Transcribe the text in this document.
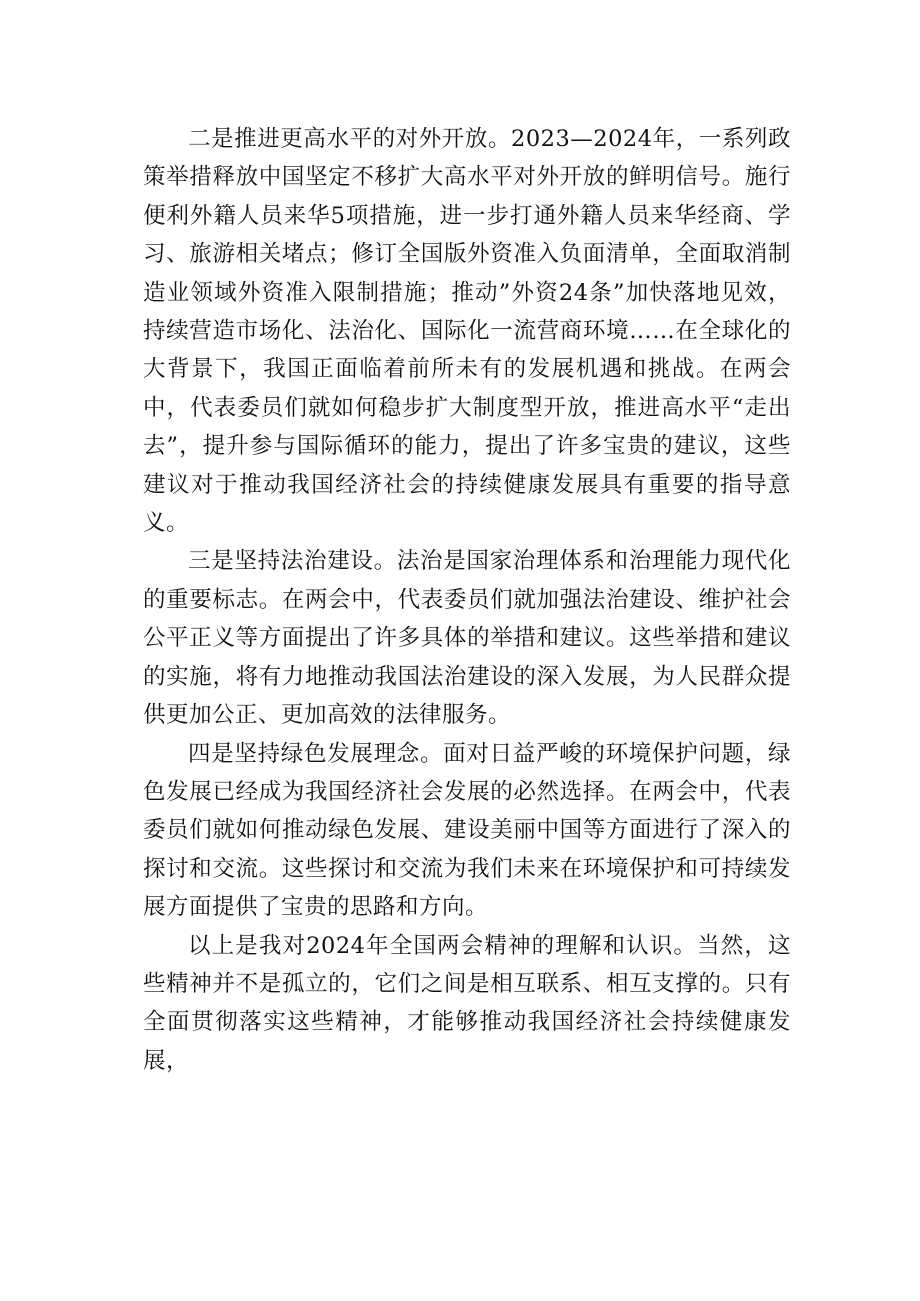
二是推进更高水平的对外开放。2023—2024年，一系列政策举措释放中国坚定不移扩大高水平对外开放的鲜明信号。施行便利外籍人员来华5项措施，进一步打通外籍人员来华经商、学习、旅游相关堵点；修订全国版外资准入负面清单，全面取消制造业领域外资准入限制措施；推动”外资24条”加快落地见效，持续营造市场化、法治化、国际化一流营商环境……在全球化的大背景下，我国正面临着前所未有的发展机遇和挑战。在两会中，代表委员们就如何稳步扩大制度型开放，推进高水平“走出去”，提升参与国际循环的能力，提出了许多宝贵的建议，这些建议对于推动我国经济社会的持续健康发展具有重要的指导意义。

三是坚持法治建设。法治是国家治理体系和治理能力现代化的重要标志。在两会中，代表委员们就加强法治建设、维护社会公平正义等方面提出了许多具体的举措和建议。这些举措和建议的实施，将有力地推动我国法治建设的深入发展，为人民群众提供更加公正、更加高效的法律服务。

四是坚持绿色发展理念。面对日益严峻的环境保护问题，绿色发展已经成为我国经济社会发展的必然选择。在两会中，代表委员们就如何推动绿色发展、建设美丽中国等方面进行了深入的探讨和交流。这些探讨和交流为我们未来在环境保护和可持续发展方面提供了宝贵的思路和方向。

以上是我对2024年全国两会精神的理解和认识。当然，这些精神并不是孤立的，它们之间是相互联系、相互支撑的。只有全面贯彻落实这些精神，才能够推动我国经济社会持续健康发展，
